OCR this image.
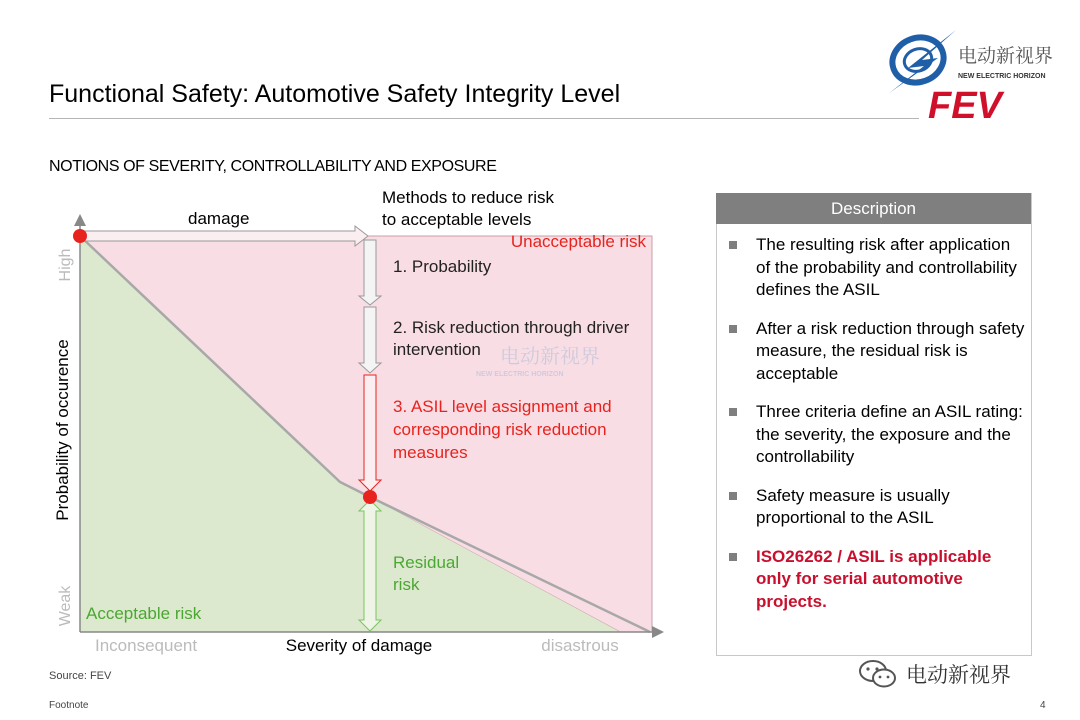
Functional Safety: Automotive Safety Integrity Level
电动新视界
NEW ELECTRIC HORIZON
FEV
NOTIONS OF SEVERITY, CONTROLLABILITY AND EXPOSURE
damage
电动新视界
NEW ELECTRIC HORIZON
Methods to reduce risk
to acceptable levels
Unacceptable risk
1. Probability
2. Risk reduction through driver
intervention
3. ASIL level assignment and
corresponding risk reduction
measures
Residual
risk
Acceptable risk
Probability of occurence
High
Weak
Inconsequent	Severity of damage	disastrous
Description
The resulting risk after application of the probability and controllability defines the ASIL
After a risk reduction through safety measure, the residual risk is acceptable
Three criteria define an ASIL rating: the severity, the exposure and the controllability
Safety measure is usually proportional to the ASIL
ISO26262 / ASIL is applicable only for serial automotive projects.
Source: FEV
Footnote	4
电动新视界
